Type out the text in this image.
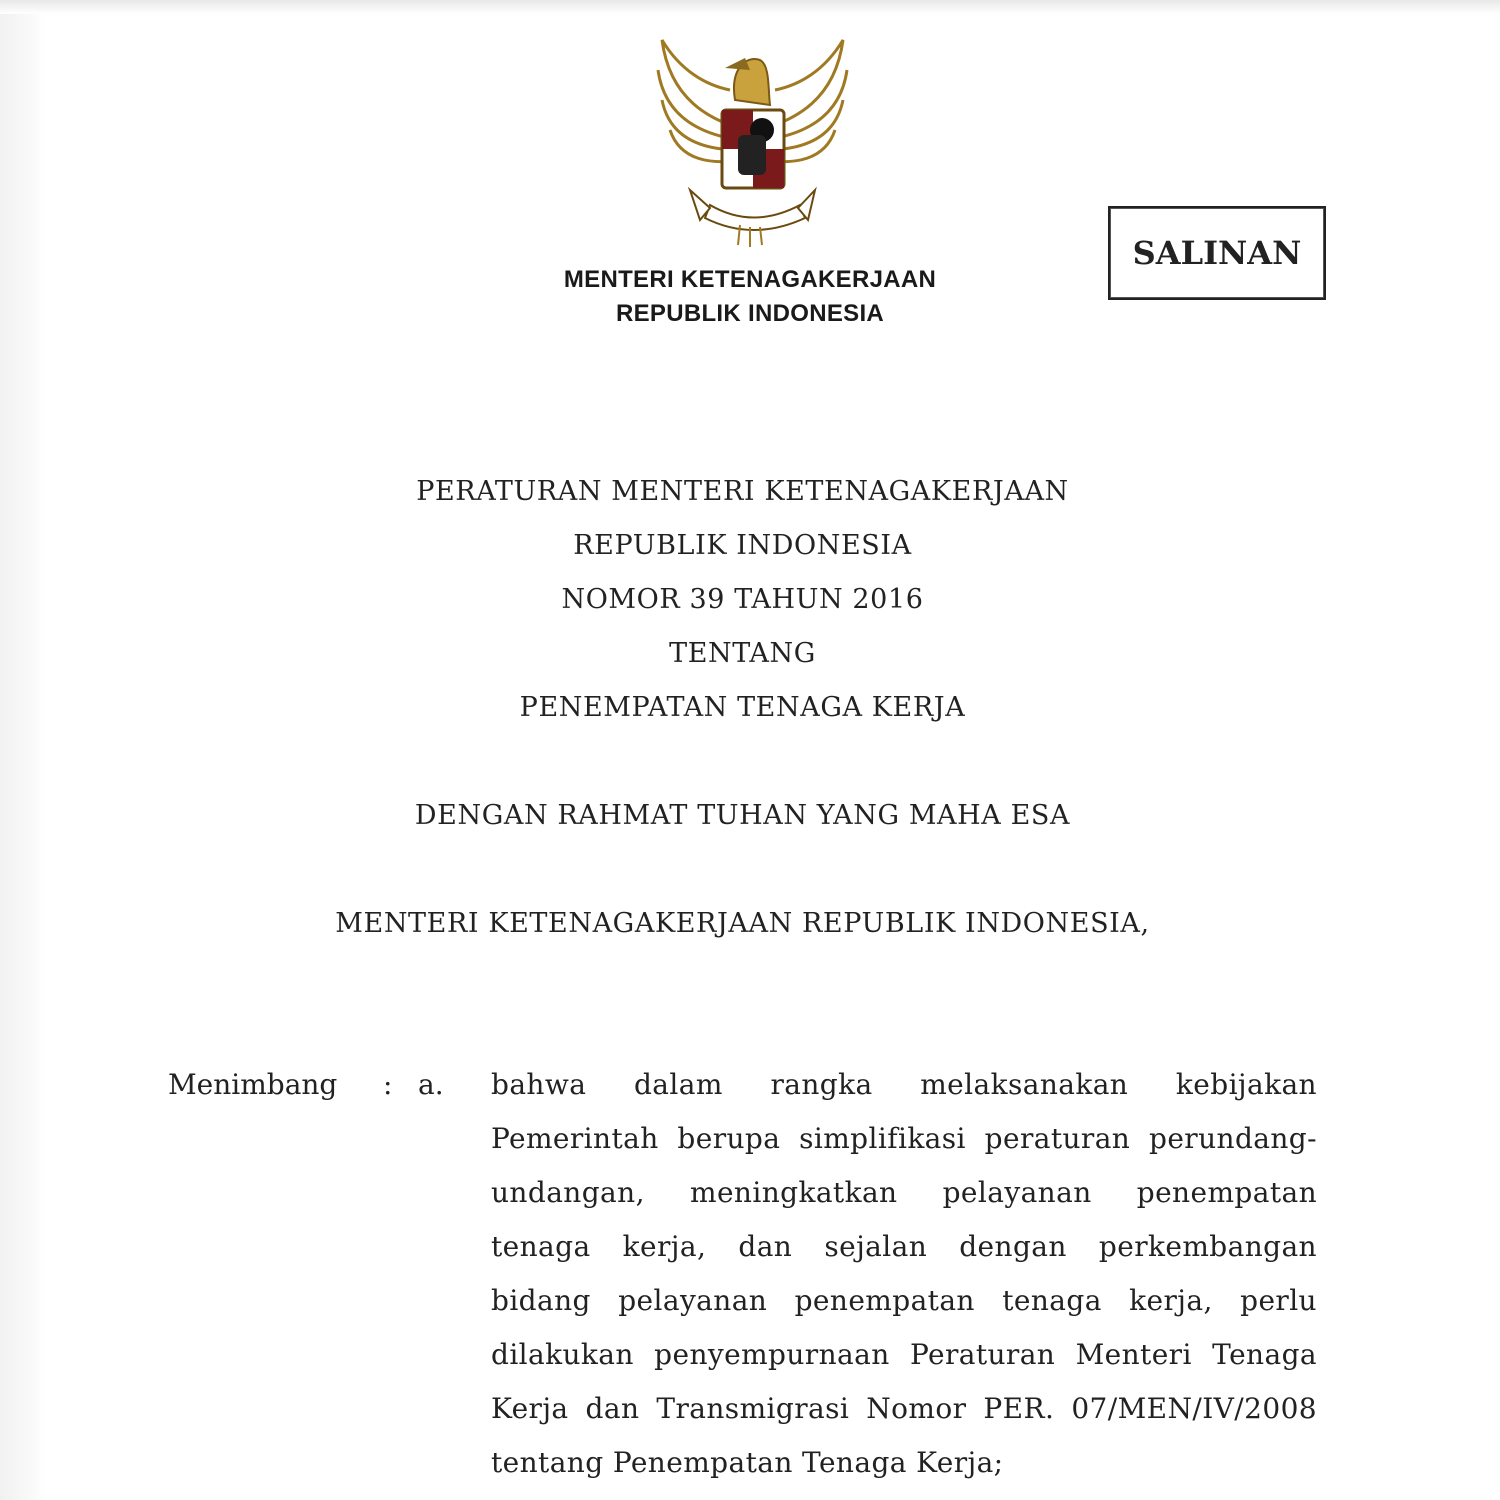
MENTERI KETENAGAKERJAAN
REPUBLIK INDONESIA
SALINAN
PERATURAN MENTERI KETENAGAKERJAAN
REPUBLIK INDONESIA
NOMOR 39 TAHUN 2016
TENTANG
PENEMPATAN TENAGA KERJA
DENGAN RAHMAT TUHAN YANG MAHA ESA
MENTERI KETENAGAKERJAAN REPUBLIK INDONESIA,
Menimbang : a. bahwa dalam rangka melaksanakan kebijakan
Pemerintah berupa simplifikasi peraturan perundang-
undangan, meningkatkan pelayanan penempatan
tenaga kerja, dan sejalan dengan perkembangan
bidang pelayanan penempatan tenaga kerja, perlu
dilakukan penyempurnaan Peraturan Menteri Tenaga
Kerja dan Transmigrasi Nomor PER. 07/MEN/IV/2008
tentang Penempatan Tenaga Kerja;
